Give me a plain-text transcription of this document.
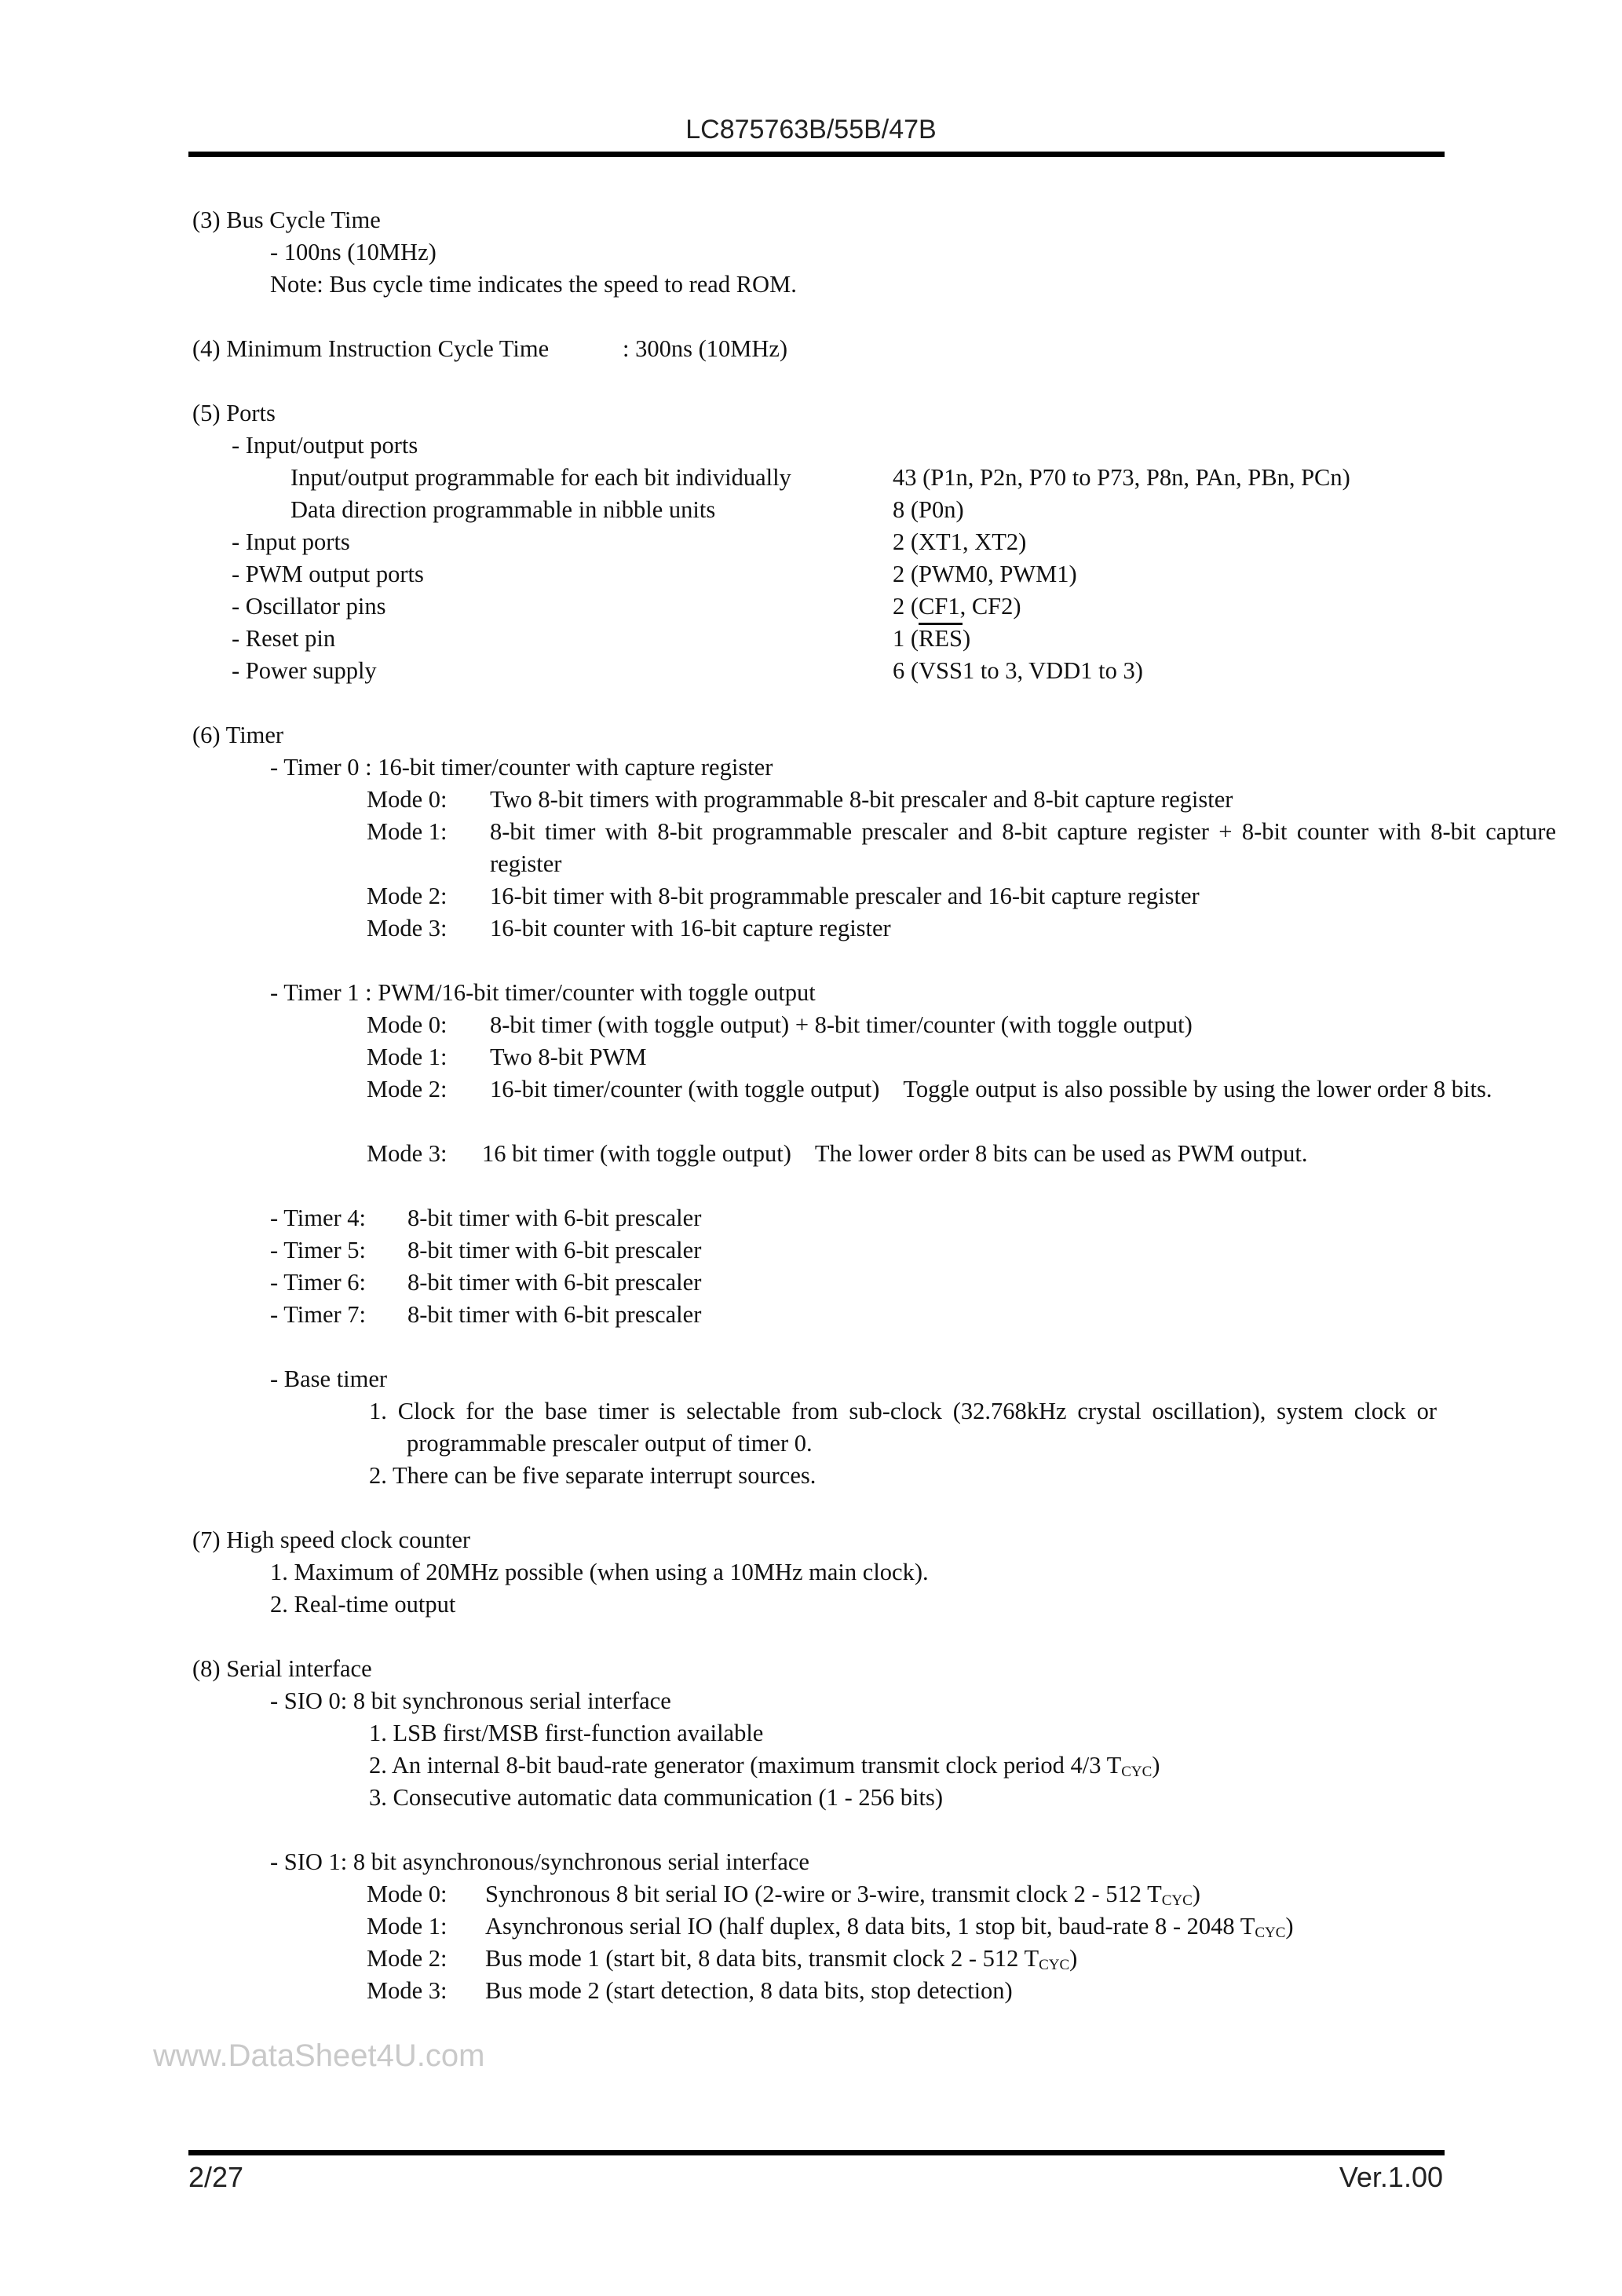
LC875763B/55B/47B
(3) Bus Cycle Time
- 100ns (10MHz)
Note: Bus cycle time indicates the speed to read ROM.
(4) Minimum Instruction Cycle Time	: 300ns (10MHz)
(5) Ports
- Input/output ports
Input/output programmable for each bit individually	43 (P1n, P2n, P70 to P73, P8n, PAn, PBn, PCn)
Data direction programmable in nibble units	8 (P0n)
- Input ports	2 (XT1, XT2)
- PWM output ports	2 (PWM0, PWM1)
- Oscillator pins	2 (CF1, CF2)
- Reset pin	1 $(\overline{RES})$
- Power supply	6 (VSS1 to 3, VDD1 to 3)
(6) Timer
- Timer 0 : 16-bit timer/counter with capture register
Mode 0: Two 8-bit timers with programmable 8-bit prescaler and 8-bit capture register
Mode 1: 8-bit timer with 8-bit programmable prescaler and 8-bit capture register + 8-bit counter with 8-bit capture register
Mode 2: 16-bit timer with 8-bit programmable prescaler and 16-bit capture register
Mode 3: 16-bit counter with 16-bit capture register
- Timer 1 : PWM/16-bit timer/counter with toggle output
Mode 0: 8-bit timer (with toggle output) + 8-bit timer/counter (with toggle output)
Mode 1: Two 8-bit PWM
Mode 2: 16-bit timer/counter (with toggle output)    Toggle output is also possible by using the lower order 8 bits.
Mode 3: 16 bit timer (with toggle output)    The lower order 8 bits can be used as PWM output.
- Timer 4: 8-bit timer with 6-bit prescaler
- Timer 5: 8-bit timer with 6-bit prescaler
- Timer 6: 8-bit timer with 6-bit prescaler
- Timer 7: 8-bit timer with 6-bit prescaler
- Base timer
1. Clock for the base timer is selectable from sub-clock (32.768kHz crystal oscillation), system clock or programmable prescaler output of timer 0.
2. There can be five separate interrupt sources.
(7) High speed clock counter
1. Maximum of 20MHz possible (when using a 10MHz main clock).
2. Real-time output
(8) Serial interface
- SIO 0: 8 bit synchronous serial interface
1. LSB first/MSB first-function available
2. An internal 8-bit baud-rate generator (maximum transmit clock period 4/3 $T_{CYC}$)
3. Consecutive automatic data communication (1 - 256 bits)
- SIO 1: 8 bit asynchronous/synchronous serial interface
Mode 0: Synchronous 8 bit serial IO (2-wire or 3-wire, transmit clock 2 - 512 $T_{CYC}$)
Mode 1: Asynchronous serial IO (half duplex, 8 data bits, 1 stop bit, baud-rate 8 - 2048 $T_{CYC}$)
Mode 2: Bus mode 1 (start bit, 8 data bits, transmit clock 2 - 512 $T_{CYC}$)
Mode 3: Bus mode 2 (start detection, 8 data bits, stop detection)
www.DataSheet4U.com
2/27	Ver.1.00
